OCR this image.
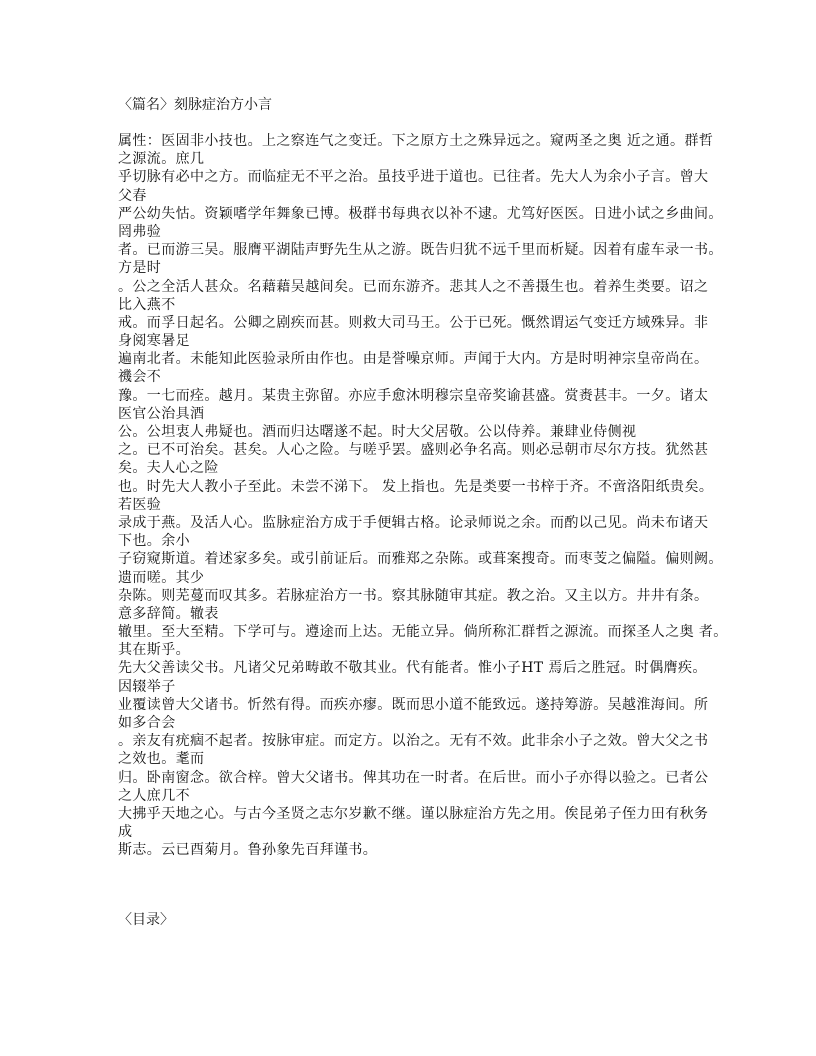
〈篇名〉刻脉症治方小言
属性：医固非小技也。上之察连气之变迁。下之原方土之殊异远之。窥两圣之奥 近之通。群哲
之源流。庶几
乎切脉有必中之方。而临症无不平之治。虽技乎进于道也。已往者。先大人为余小子言。曾大
父春
严公幼失怙。资颖嗜学年舞象已博。极群书每典衣以补不逮。尤笃好医医。日进小试之乡曲间。
罔弗验
者。已而游三吴。服膺平湖陆声野先生从之游。既告归犹不远千里而析疑。因着有虚车录一书。
方是时
。公之全活人甚众。名藉藉吴越间矣。已而东游齐。悲其人之不善摄生也。着养生类要。诏之
比入燕不
戒。而孚日起名。公卿之剧疾而甚。则救大司马王。公于已死。慨然谓运气变迁方域殊异。非
身阅寒暑足
遍南北者。未能知此医验录所由作也。由是誉噪京师。声闻于大内。方是时明神宗皇帝尚在。
禨会不
豫。一七而痊。越月。某贵主弥留。亦应手愈沐明穆宗皇帝奖谕甚盛。赏赉甚丰。一夕。诸太
医官公治具酒
公。公坦衷人弗疑也。酒而归达曙遂不起。时大父居敬。公以侍养。兼肆业侍侧视
之。已不可治矣。甚矣。人心之险。与嗟乎罢。盛则必争名高。则必忌朝市尽尔方技。犹然甚
矣。夫人心之险
也。时先大人教小子至此。未尝不涕下。 发上指也。先是类要一书梓于齐。不啻洛阳纸贵矣。
若医验
录成于燕。及活人心。监脉症治方成于手便辑古格。论录师说之余。而酌以己见。尚未布诸天
下也。余小
子窃窥斯道。着述家多矣。或引前证后。而雅郑之杂陈。或葺案搜奇。而枣芰之偏隘。偏则阙。
遗而嗟。其少
杂陈。则芜蔓而叹其多。若脉症治方一书。察其脉随审其症。教之治。又主以方。井井有条。
意多辞简。辙表
辙里。至大至精。下学可与。遵途而上达。无能立异。倘所称汇群哲之源流。而探圣人之奥 者。
其在斯乎。
先大父善读父书。凡诸父兄弟畴敢不敬其业。代有能者。惟小子HT 焉后之胜冠。时偶膺疾。
因辍举子
业覆读曾大父诸书。忻然有得。而疾亦瘳。既而思小道不能致远。遂持筹游。吴越淮海间。所
如多合会
。亲友有疣痼不起者。按脉审症。而定方。以治之。无有不效。此非余小子之效。曾大父之书
之效也。耄而
归。卧南窗念。欲合梓。曾大父诸书。俾其功在一时者。在后世。而小子亦得以验之。已者公
之人庶几不
大拂乎天地之心。与古今圣贤之志尔岁歉不继。谨以脉症治方先之用。俟昆弟子侄力田有秋务
成
斯志。云已酉菊月。鲁孙象先百拜谨书。
〈目录〉
